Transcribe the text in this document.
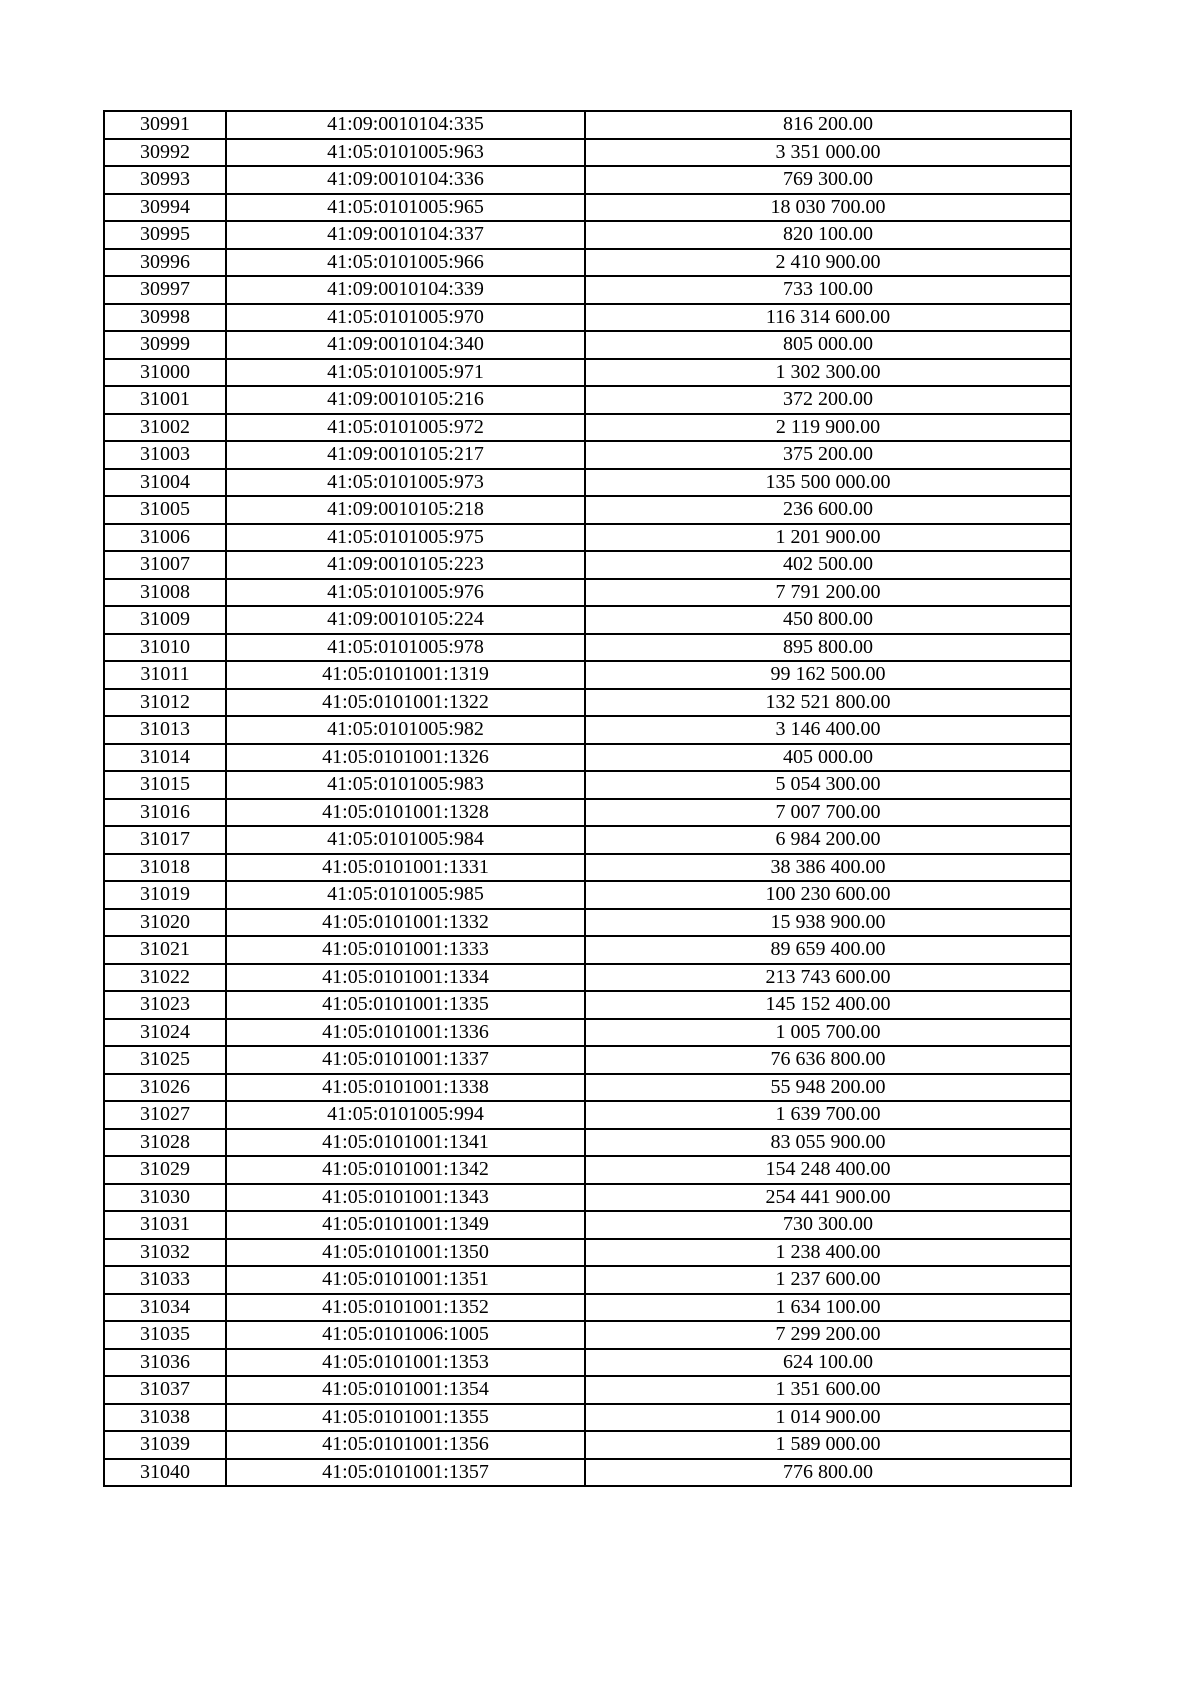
30991	41:09:0010104:335	816 200.00
30992	41:05:0101005:963	3 351 000.00
30993	41:09:0010104:336	769 300.00
30994	41:05:0101005:965	18 030 700.00
30995	41:09:0010104:337	820 100.00
30996	41:05:0101005:966	2 410 900.00
30997	41:09:0010104:339	733 100.00
30998	41:05:0101005:970	116 314 600.00
30999	41:09:0010104:340	805 000.00
31000	41:05:0101005:971	1 302 300.00
31001	41:09:0010105:216	372 200.00
31002	41:05:0101005:972	2 119 900.00
31003	41:09:0010105:217	375 200.00
31004	41:05:0101005:973	135 500 000.00
31005	41:09:0010105:218	236 600.00
31006	41:05:0101005:975	1 201 900.00
31007	41:09:0010105:223	402 500.00
31008	41:05:0101005:976	7 791 200.00
31009	41:09:0010105:224	450 800.00
31010	41:05:0101005:978	895 800.00
31011	41:05:0101001:1319	99 162 500.00
31012	41:05:0101001:1322	132 521 800.00
31013	41:05:0101005:982	3 146 400.00
31014	41:05:0101001:1326	405 000.00
31015	41:05:0101005:983	5 054 300.00
31016	41:05:0101001:1328	7 007 700.00
31017	41:05:0101005:984	6 984 200.00
31018	41:05:0101001:1331	38 386 400.00
31019	41:05:0101005:985	100 230 600.00
31020	41:05:0101001:1332	15 938 900.00
31021	41:05:0101001:1333	89 659 400.00
31022	41:05:0101001:1334	213 743 600.00
31023	41:05:0101001:1335	145 152 400.00
31024	41:05:0101001:1336	1 005 700.00
31025	41:05:0101001:1337	76 636 800.00
31026	41:05:0101001:1338	55 948 200.00
31027	41:05:0101005:994	1 639 700.00
31028	41:05:0101001:1341	83 055 900.00
31029	41:05:0101001:1342	154 248 400.00
31030	41:05:0101001:1343	254 441 900.00
31031	41:05:0101001:1349	730 300.00
31032	41:05:0101001:1350	1 238 400.00
31033	41:05:0101001:1351	1 237 600.00
31034	41:05:0101001:1352	1 634 100.00
31035	41:05:0101006:1005	7 299 200.00
31036	41:05:0101001:1353	624 100.00
31037	41:05:0101001:1354	1 351 600.00
31038	41:05:0101001:1355	1 014 900.00
31039	41:05:0101001:1356	1 589 000.00
31040	41:05:0101001:1357	776 800.00
